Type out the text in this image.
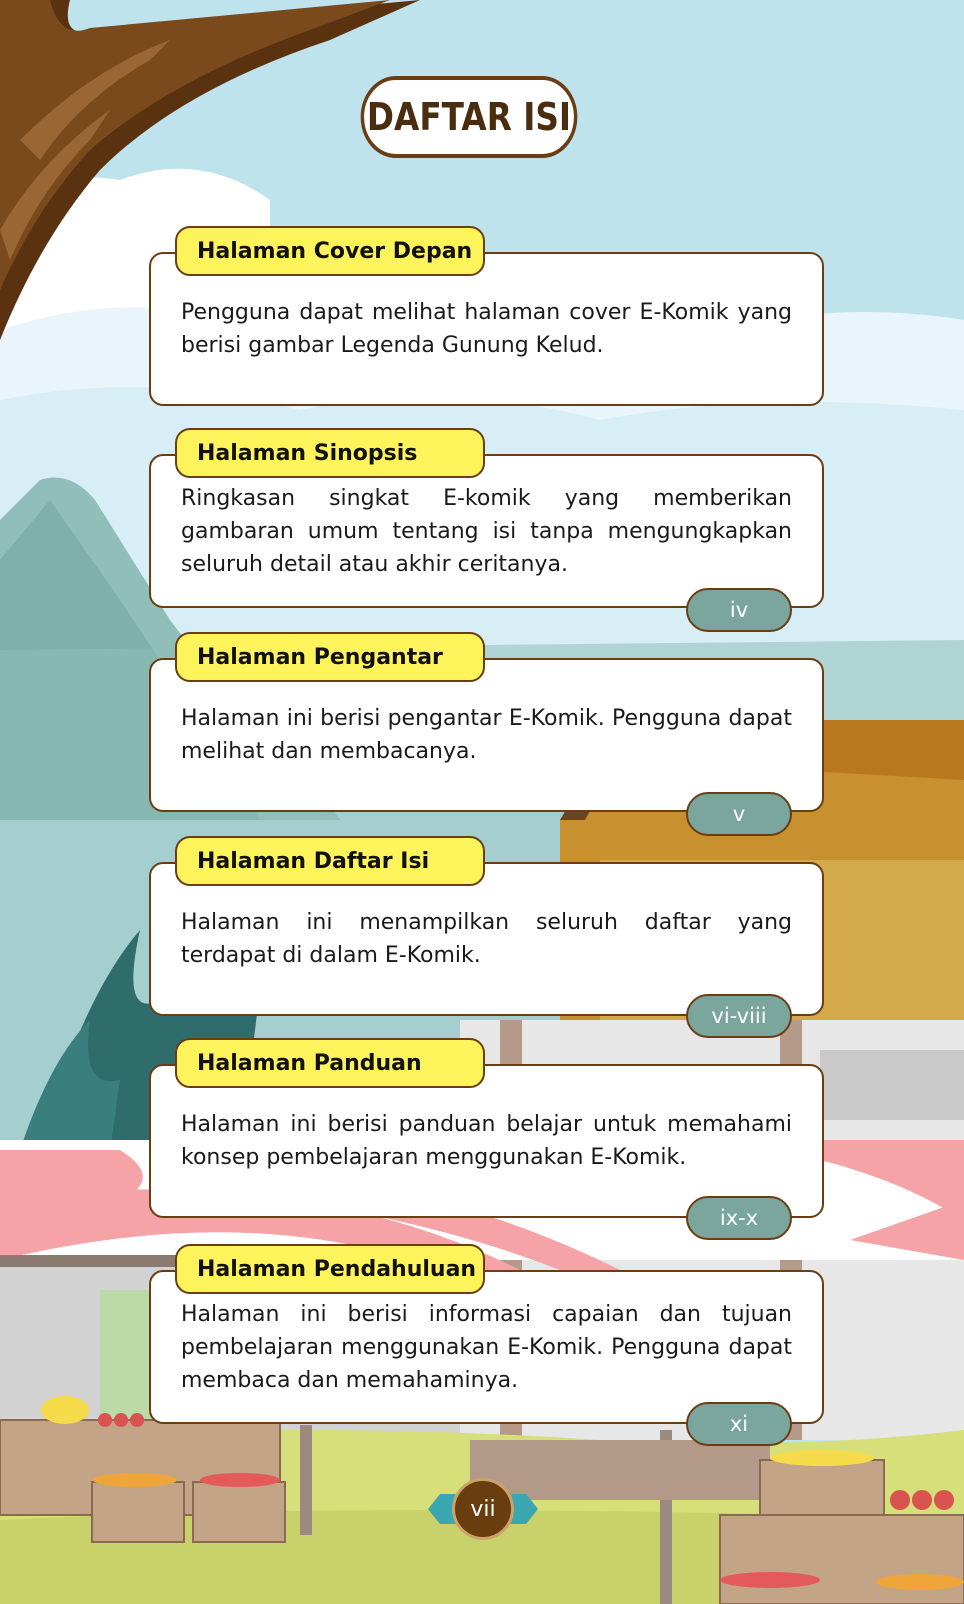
DAFTAR ISI
Pengguna dapat melihat halaman cover E-Komik yang berisi gambar Legenda Gunung Kelud.
Halaman Cover Depan
Ringkasan singkat E-komik yang memberikan gambaran umum tentang isi tanpa mengungkapkan seluruh detail atau akhir ceritanya.
Halaman Sinopsis
iv
Halaman ini berisi pengantar E-Komik. Pengguna dapat melihat dan membacanya.
Halaman Pengantar
v
Halaman ini menampilkan seluruh daftar yang terdapat di dalam E-Komik.
Halaman Daftar Isi
vi-viii
Halaman ini berisi panduan belajar untuk memahami konsep pembelajaran menggunakan E-Komik.
Halaman Panduan
ix-x
Halaman ini berisi informasi capaian dan tujuan pembelajaran menggunakan E-Komik. Pengguna dapat membaca dan memahaminya.
Halaman Pendahuluan
xi
vii
